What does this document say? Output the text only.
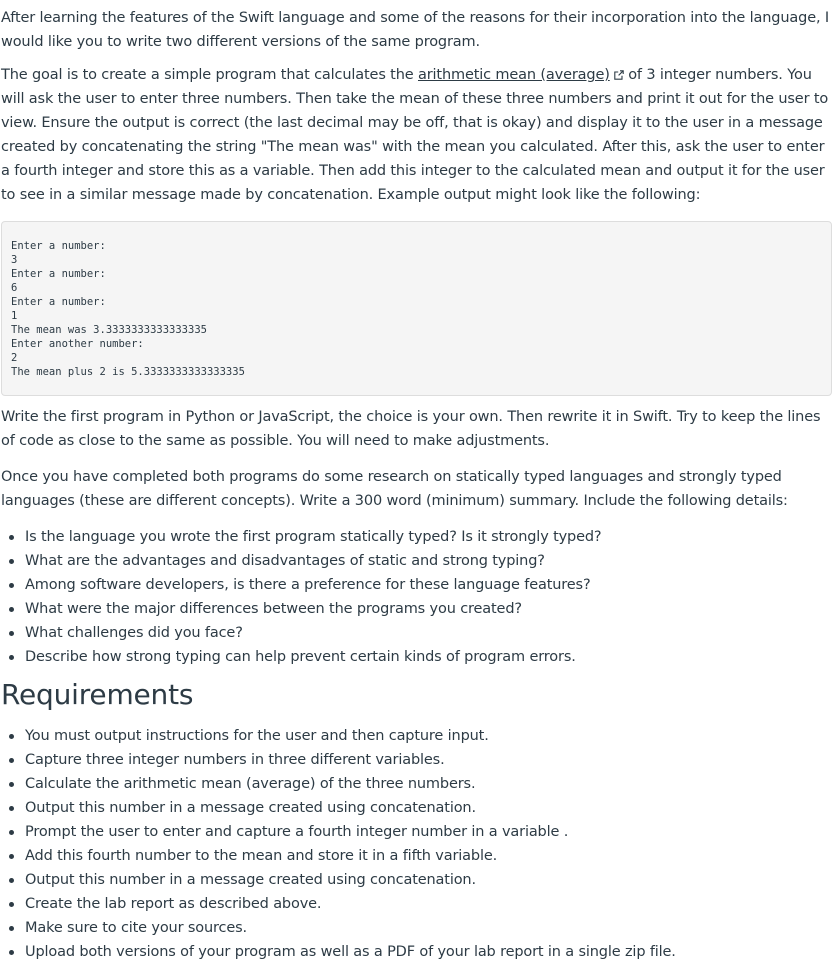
After learning the features of the Swift language and some of the reasons for their incorporation into the language, I would like you to write two different versions of the same program.

The goal is to create a simple program that calculates the arithmetic mean (average) of 3 integer numbers. You will ask the user to enter three numbers. Then take the mean of these three numbers and print it out for the user to view. Ensure the output is correct (the last decimal may be off, that is okay) and display it to the user in a message created by concatenating the string "The mean was" with the mean you calculated. After this, ask the user to enter a fourth integer and store this as a variable. Then add this integer to the calculated mean and output it for the user to see in a similar message made by concatenation. Example output might look like the following:

Enter a number:
3
Enter a number:
6
Enter a number:
1
The mean was 3.3333333333333335
Enter another number:
2
The mean plus 2 is 5.3333333333333335

Write the first program in Python or JavaScript, the choice is your own. Then rewrite it in Swift. Try to keep the lines of code as close to the same as possible. You will need to make adjustments.

Once you have completed both programs do some research on statically typed languages and strongly typed languages (these are different concepts). Write a 300 word (minimum) summary. Include the following details:

Is the language you wrote the first program statically typed? Is it strongly typed?
What are the advantages and disadvantages of static and strong typing?
Among software developers, is there a preference for these language features?
What were the major differences between the programs you created?
What challenges did you face?
Describe how strong typing can help prevent certain kinds of program errors.
Requirements
You must output instructions for the user and then capture input.
Capture three integer numbers in three different variables.
Calculate the arithmetic mean (average) of the three numbers.
Output this number in a message created using concatenation.
Prompt the user to enter and capture a fourth integer number in a variable .
Add this fourth number to the mean and store it in a fifth variable.
Output this number in a message created using concatenation.
Create the lab report as described above.
Make sure to cite your sources.
Upload both versions of your program as well as a PDF of your lab report in a single zip file.
